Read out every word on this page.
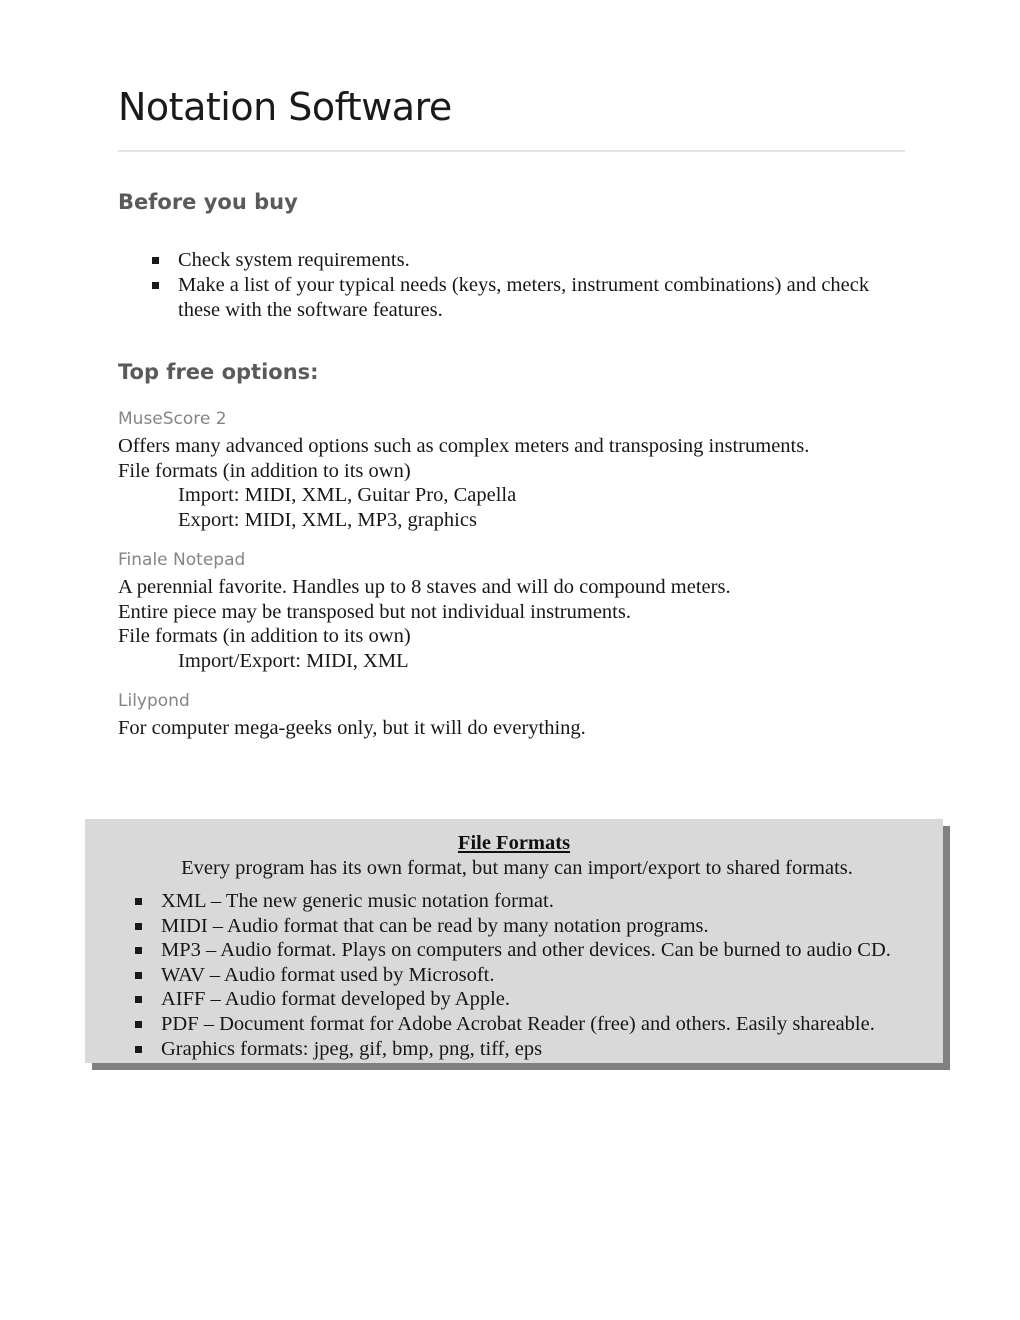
Notation Software
Before you buy
Check system requirements.
Make a list of your typical needs (keys, meters, instrument combinations) and check these with the software features.
Top free options:
MuseScore 2
Offers many advanced options such as complex meters and transposing instruments.
File formats (in addition to its own)
Import: MIDI, XML, Guitar Pro, Capella
Export: MIDI, XML, MP3, graphics
Finale Notepad
A perennial favorite. Handles up to 8 staves and will do compound meters.
Entire piece may be transposed but not individual instruments.
File formats (in addition to its own)
Import/Export: MIDI, XML
Lilypond
For computer mega-geeks only, but it will do everything.
File Formats
Every program has its own format, but many can import/export to shared formats.
XML – The new generic music notation format.
MIDI – Audio format that can be read by many notation programs.
MP3 – Audio format. Plays on computers and other devices. Can be burned to audio CD.
WAV – Audio format used by Microsoft.
AIFF – Audio format developed by Apple.
PDF – Document format for Adobe Acrobat Reader (free) and others. Easily shareable.
Graphics formats: jpeg, gif, bmp, png, tiff, eps
